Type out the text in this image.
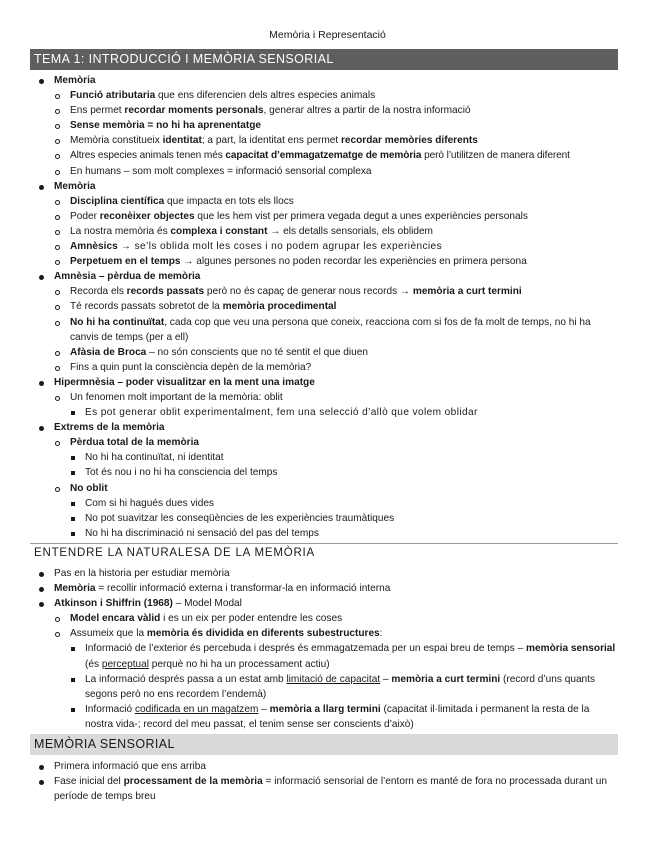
Memòria i Representació
TEMA 1: INTRODUCCIÓ I MEMÒRIA SENSORIAL
Memòria
Funció atributaria que ens diferencien dels altres especies animals
Ens permet recordar moments personals, generar altres a partir de la nostra informació
Sense memòria = no hi ha aprenentatge
Memòria constitueix identitat; a part, la identitat ens permet recordar memòries diferents
Altres especies animals tenen més capacitat d’emmagatzematge de memòria però l’utilitzen de manera diferent
En humans – som molt complexes = informació sensorial complexa
Memòria
Disciplina científica que impacta en tots els llocs
Poder reconèixer objectes que les hem vist per primera vegada degut a unes experiències personals
La nostra memòria és complexa i constant → els detalls sensorials, els oblidem
Amnèsics → se’ls oblida molt les coses i no podem agrupar les experiències
Perpetuem en el temps → algunes persones no poden recordar les experiències en primera persona
Amnèsia – pèrdua de memòria
Recorda els records passats però no és capaç de generar nous records → memòria a curt termini
Té records passats sobretot de la memòria procedimental
No hi ha continuïtat, cada cop que veu una persona que coneix, reacciona com si fos de fa molt de temps, no hi ha canvis de temps (per a ell)
Afàsia de Broca – no són conscients que no té sentit el que diuen
Fins a quin punt la consciència depèn de la memòria?
Hipermnèsia – poder visualitzar en la ment una imatge
Un fenomen molt important de la memòria: oblit
Es pot generar oblit experimentalment, fem una selecció d’allò que volem oblidar
Extrems de la memòria
Pèrdua total de la memòria
No hi ha continuïtat, ni identitat
Tot és nou i no hi ha consciencia del temps
No oblit
Com si hi hagués dues vides
No pot suavitzar les conseqüències de les experiències traumàtiques
No hi ha discriminació ni sensació del pas del temps
ENTENDRE LA NATURALESA DE LA MEMÒRIA
Pas en la historia per estudiar memòria
Memòria = recollir informació externa i transformar-la en informació interna
Atkinson i Shiffrin (1968) – Model Modal
Model encara vàlid i es un eix per poder entendre les coses
Assumeix que la memòria és dividida en diferents subestructures:
Informació de l’exterior és percebuda i després és emmagatzemada per un espai breu de temps – memòria sensorial (és perceptual perquè no hi ha un processament actiu)
La informació després passa a un estat amb limitació de capacitat – memòria a curt termini (record d’uns quants segons però no ens recordem l’endemà)
Informació codificada en un magatzem – memòria a llarg termini (capacitat il·limitada i permanent la resta de la nostra vida-; record del meu passat, el tenim sense ser conscients d’això)
MEMÒRIA SENSORIAL
Primera informació que ens arriba
Fase inicial del processament de la memòria = informació sensorial de l’entorn es manté de fora no processada durant un període de temps breu
